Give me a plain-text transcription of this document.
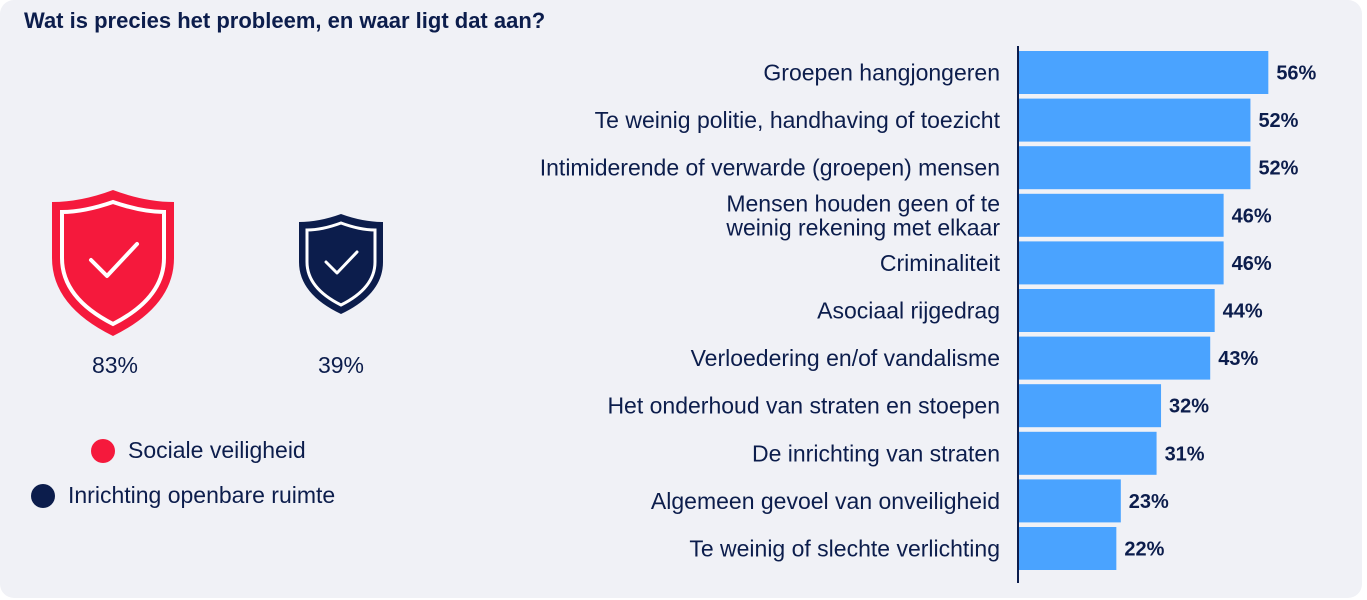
Wat is precies het probleem, en waar ligt dat aan?
83%	39%
Sociale veiligheid
Inrichting openbare ruimte
56%
Groepen hangjongeren
52%
Te weinig politie, handhaving of toezicht
52%
Intimiderende of verwarde (groepen) mensen
46%
Mensen houden geen of te
weinig rekening met elkaar
46%
Criminaliteit
44%
Asociaal rijgedrag
43%
Verloedering en/of vandalisme
32%
Het onderhoud van straten en stoepen
31%
De inrichting van straten
23%
Algemeen gevoel van onveiligheid
22%
Te weinig of slechte verlichting
